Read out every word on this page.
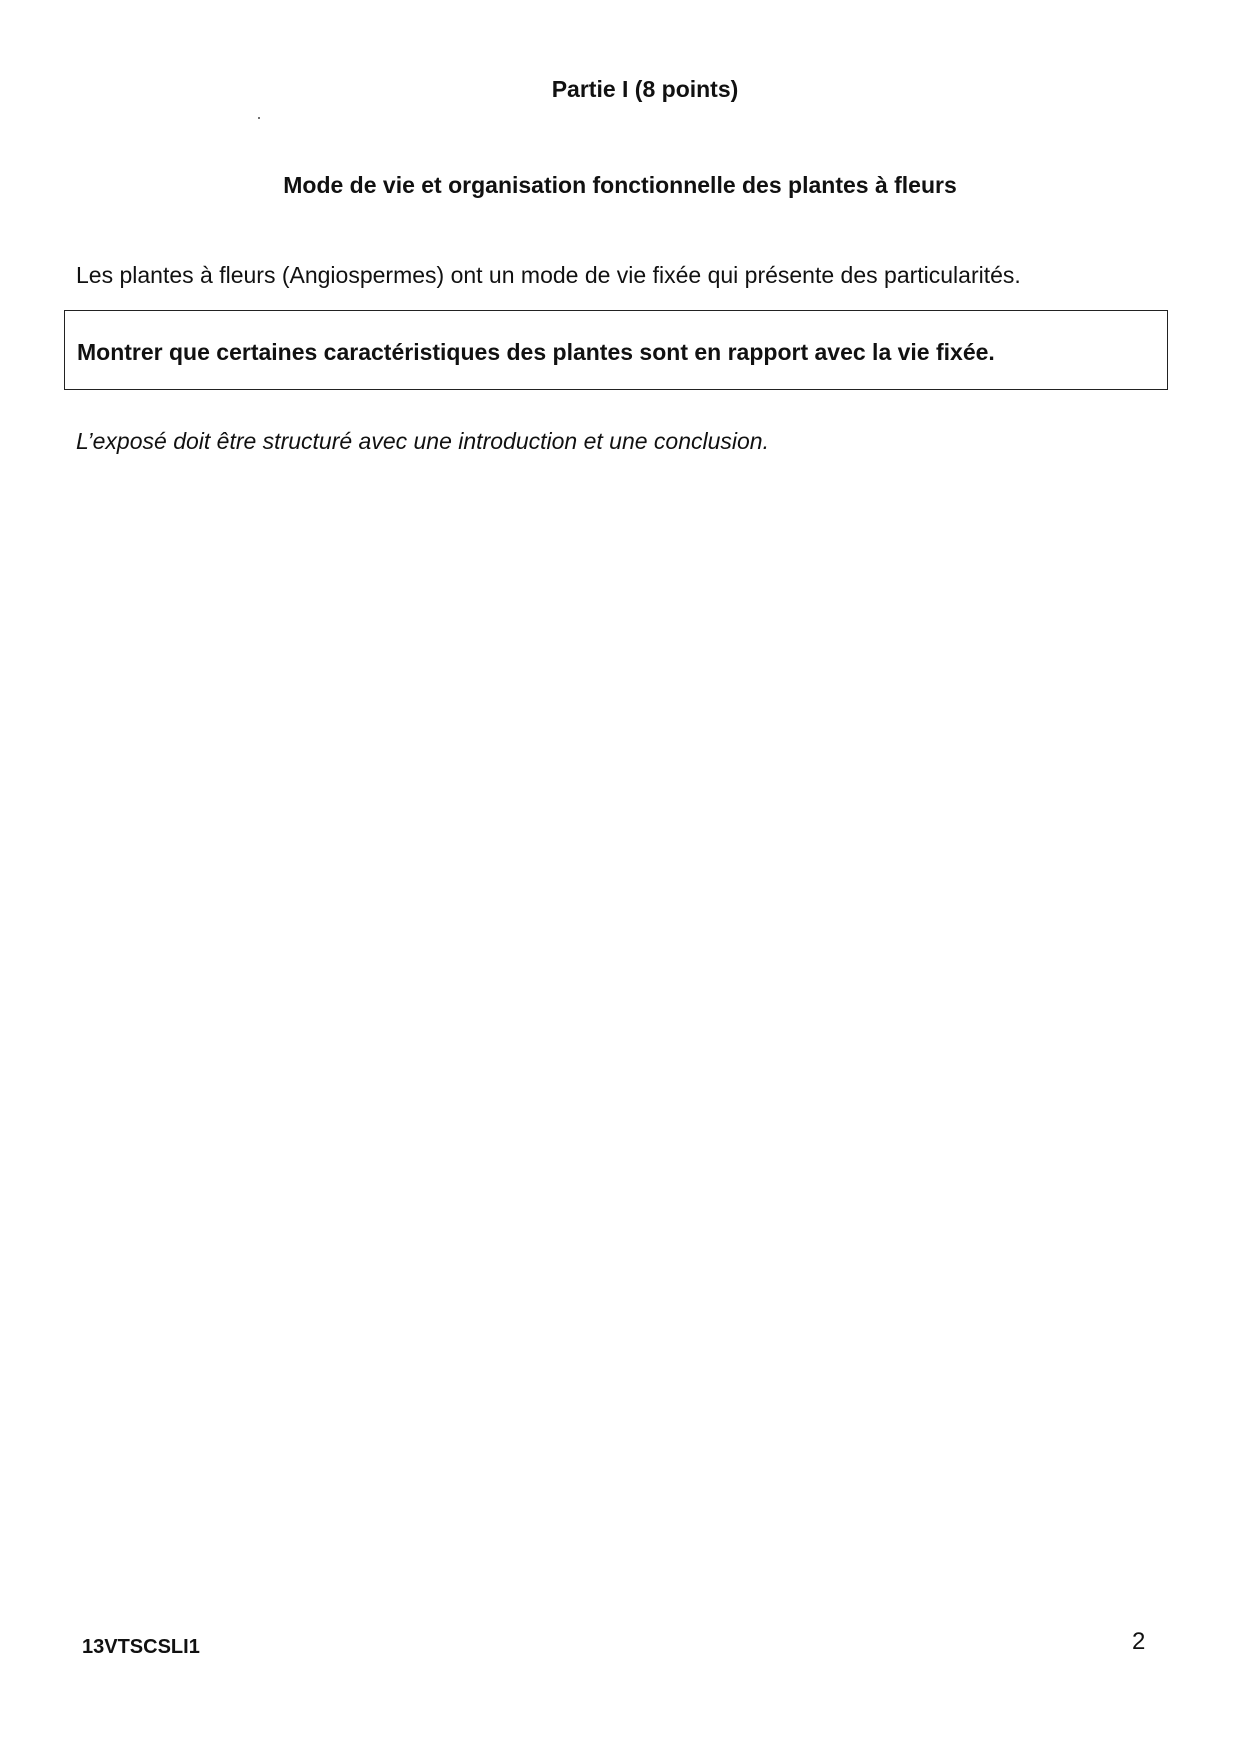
Partie I (8 points)
Mode de vie et organisation fonctionnelle des plantes à fleurs
Les plantes à fleurs (Angiospermes) ont un mode de vie fixée qui présente des particularités.
Montrer que certaines caractéristiques des plantes sont en rapport avec la vie fixée.
L’exposé doit être structuré avec une introduction et une conclusion.
13VTSCSLI1	2
